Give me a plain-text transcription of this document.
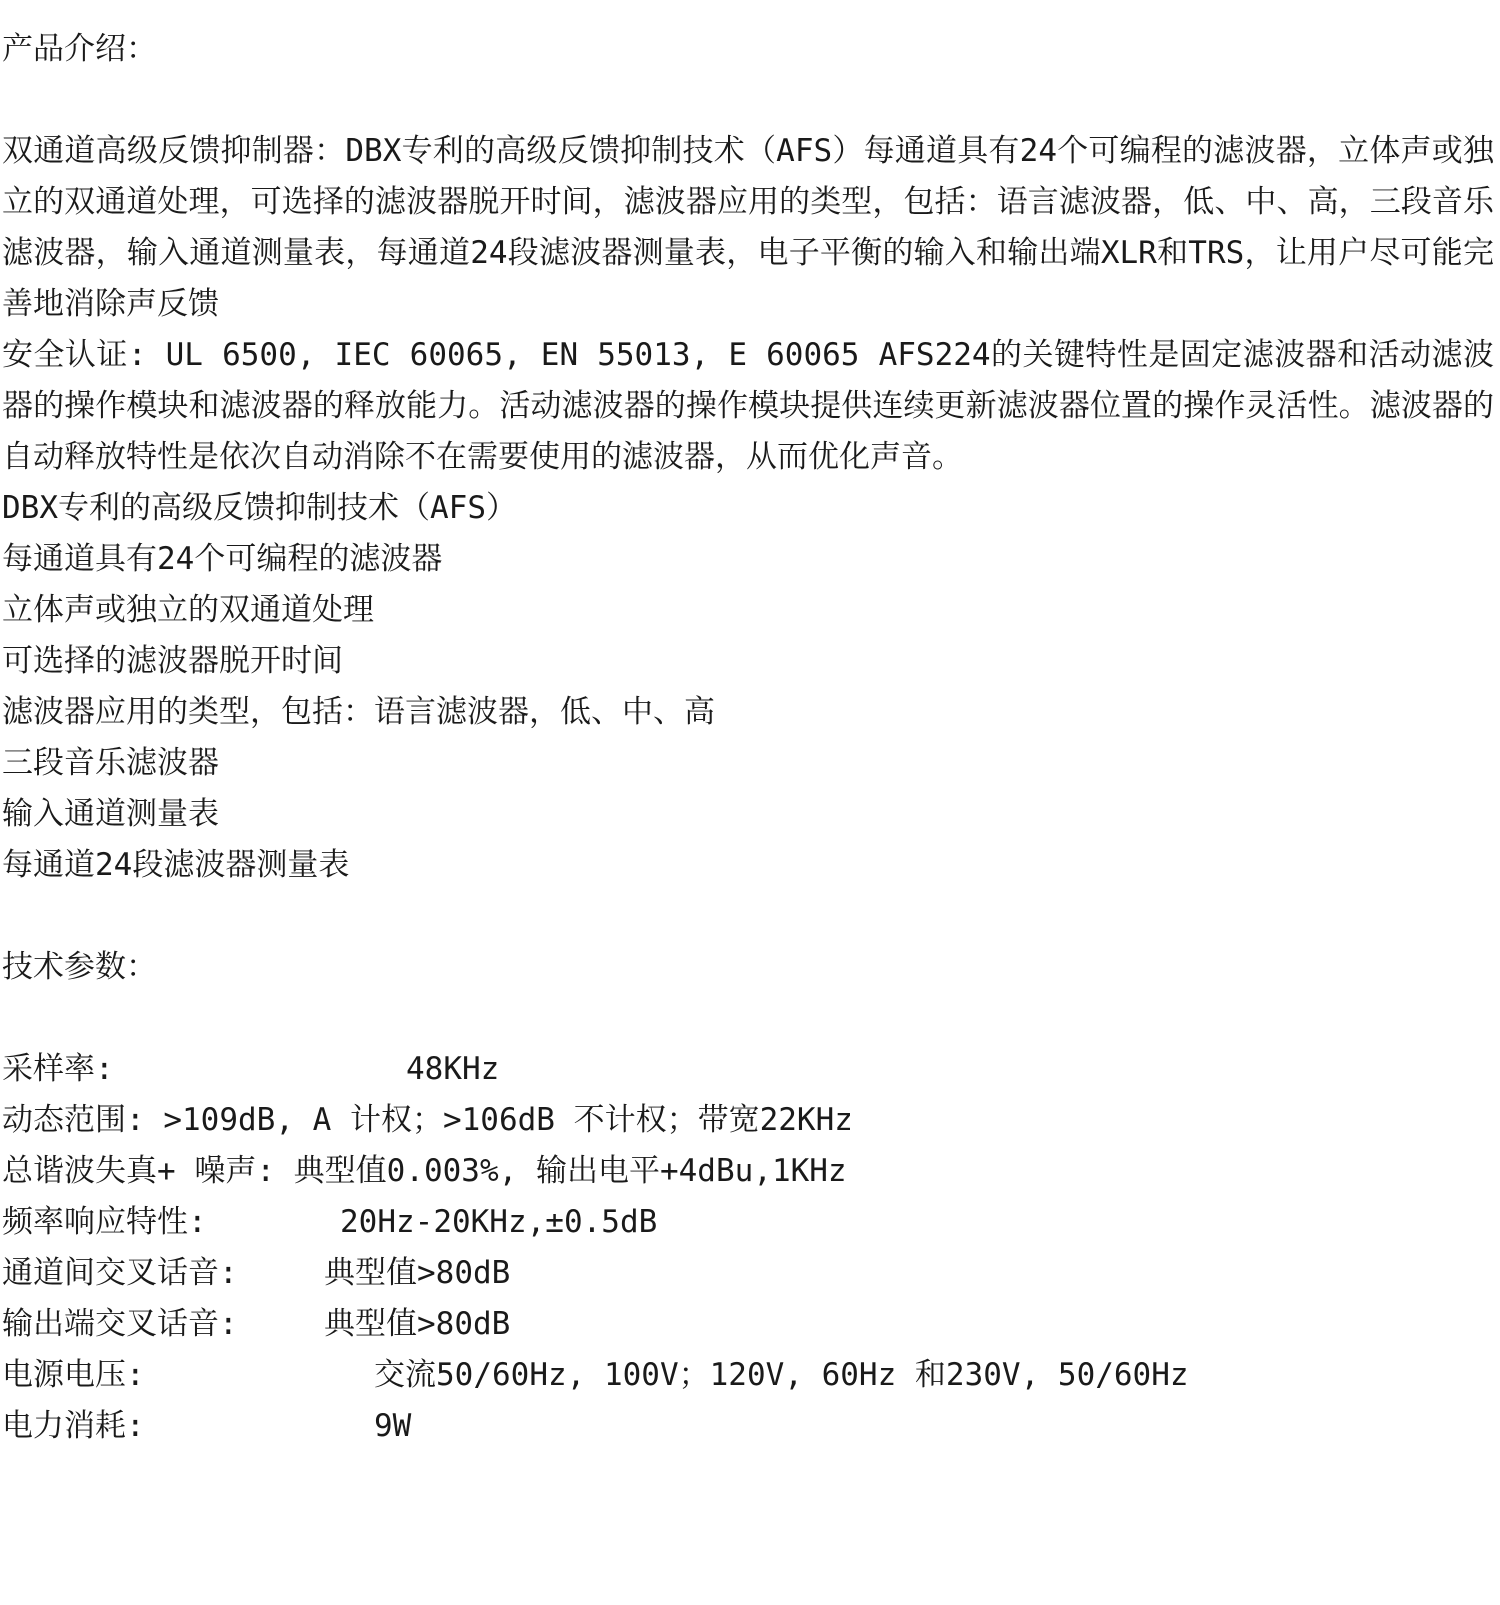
产品介绍：

双通道高级反馈抑制器：DBX专利的高级反馈抑制技术（AFS）每通道具有24个可编程的滤波器，立体声或独立的双通道处理，可选择的滤波器脱开时间，滤波器应用的类型，包括：语言滤波器，低、中、高，三段音乐滤波器，输入通道测量表，每通道24段滤波器测量表，电子平衡的输入和输出端XLR和TRS，让用户尽可能完善地消除声反馈

安全认证: UL 6500, IEC 60065, EN 55013, E 60065 AFS224的关键特性是固定滤波器和活动滤波器的操作模块和滤波器的释放能力。活动滤波器的操作模块提供连续更新滤波器位置的操作灵活性。滤波器的自动释放特性是依次自动消除不在需要使用的滤波器，从而优化声音。

DBX专利的高级反馈抑制技术（AFS）
每通道具有24个可编程的滤波器
立体声或独立的双通道处理
可选择的滤波器脱开时间
滤波器应用的类型，包括：语言滤波器，低、中、高
三段音乐滤波器
输入通道测量表
每通道24段滤波器测量表
技术参数：

采样率:

	48KHz

动态范围: >109dB, A 计权；>106dB 不计权；带宽22KHz

总谐波失真+ 噪声: 典型值0.003%, 输出电平+4dBu,1KHz

频率响应特性:

	20Hz-20KHz,±0.5dB

通道间交叉话音:

	典型值>80dB

输出端交叉话音:

	典型值>80dB

电源电压:

	交流50/60Hz, 100V；120V, 60Hz 和230V, 50/60Hz

电力消耗:

	9W
